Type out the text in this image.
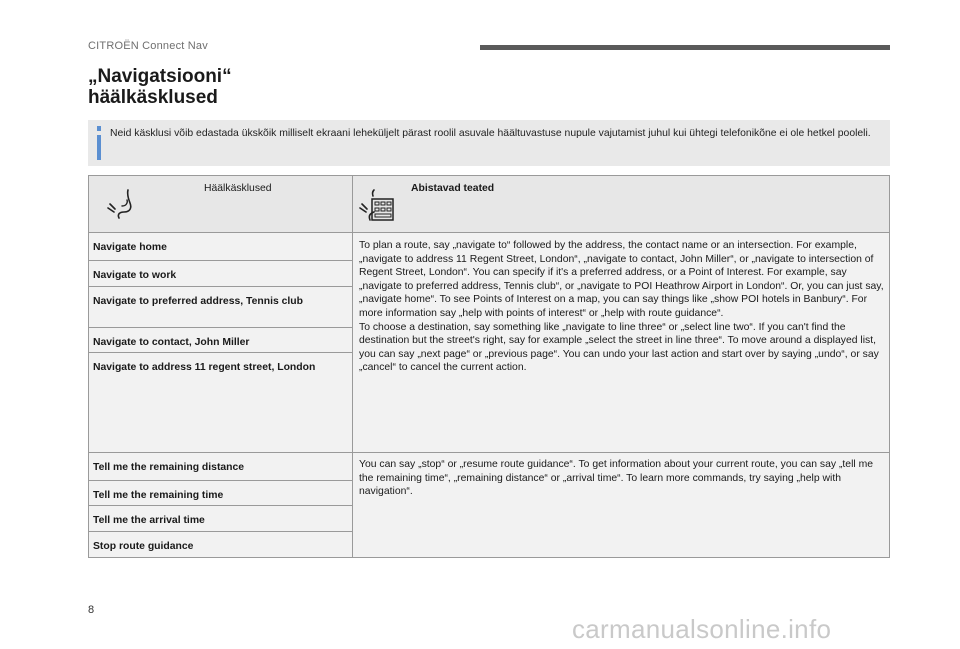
CITROËN Connect Nav
„Navigatsiooni“
häälkäsklused
Neid käsklusi võib edastada ükskõik milliselt ekraani leheküljelt pärast roolil asuvale häältuvastuse nupule vajutamist juhul kui ühtegi telefonikõne ei ole hetkel pooleli.
Häälkäsklused	Abistavad teated
Navigate home
Navigate to work
Navigate to preferred address, Tennis club
Navigate to contact, John Miller
Navigate to address 11 regent street, London

To plan a route, say „navigate to“ followed by the address, the contact name or an intersection. For example, „navigate to address 11 Regent Street, London“, „navigate to contact, John Miller“, or „navigate to intersection of Regent Street, London“. You can specify if it's a preferred address, or a Point of Interest. For example, say „navigate to preferred address, Tennis club“, or „navigate to POI Heathrow Airport in London“. Or, you can just say, „navigate home“. To see Points of Interest on a map, you can say things like „show POI hotels in Banbury“. For more information say „help with points of interest“ or „help with route guidance“.

To choose a destination, say something like „navigate to line three“ or „select line two“. If you can't find the destination but the street's right, say for example „select the street in line three“. To move around a displayed list, you can say „next page“ or „previous page“. You can undo your last action and start over by saying „undo“, or say „cancel“ to cancel the current action.

Tell me the remaining distance
Tell me the remaining time
Tell me the arrival time
Stop route guidance

You can say „stop“ or „resume route guidance“. To get information about your current route, you can say „tell me the remaining time“, „remaining distance“ or „arrival time“. To learn more commands, try saying „help with navigation“.

8
carmanualsonline.info
